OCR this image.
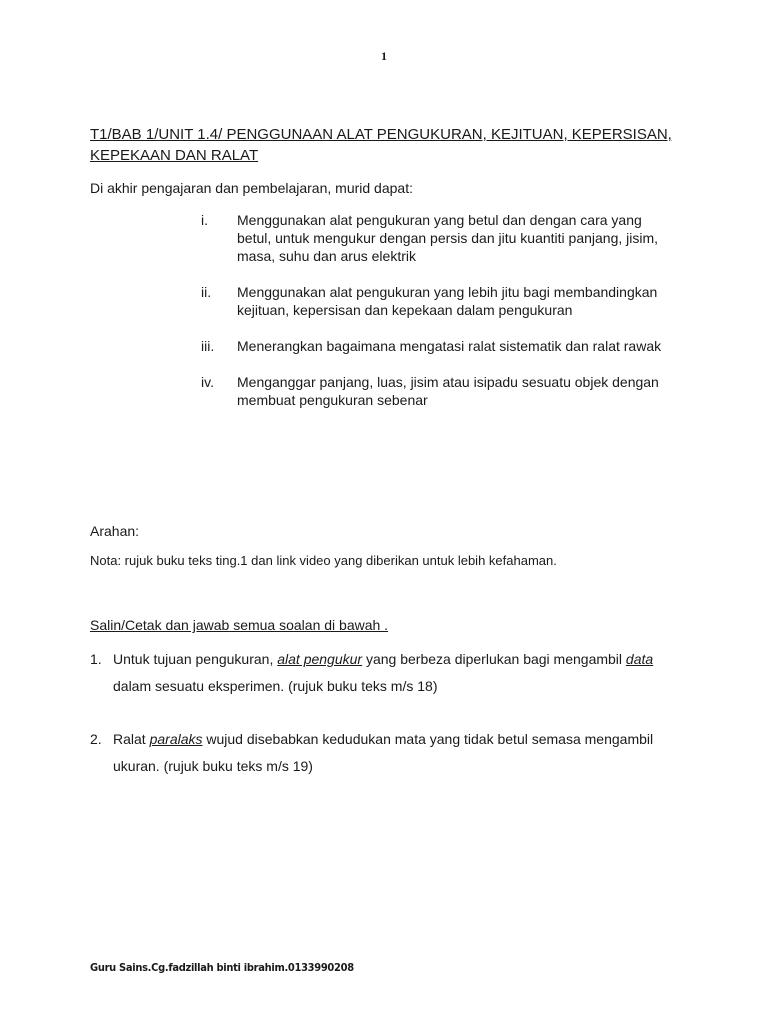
1
T1/BAB 1/UNIT 1.4/ PENGGUNAAN ALAT PENGUKURAN, KEJITUAN, KEPERSISAN, KEPEKAAN DAN RALAT
Di akhir pengajaran dan pembelajaran, murid dapat:
i.	Menggunakan alat pengukuran yang betul dan dengan cara yang betul, untuk mengukur dengan persis dan jitu kuantiti panjang, jisim, masa, suhu dan arus elektrik
ii.	Menggunakan alat pengukuran yang lebih jitu bagi membandingkan kejituan, kepersisan dan kepekaan dalam pengukuran
iii.	Menerangkan bagaimana mengatasi ralat sistematik dan ralat rawak
iv.	Menganggar panjang, luas, jisim atau isipadu sesuatu objek dengan membuat pengukuran sebenar
Arahan:
Nota: rujuk buku teks ting.1 dan link video yang diberikan untuk lebih kefahaman.
Salin/Cetak dan jawab semua soalan di bawah .
1. Untuk tujuan pengukuran, alat pengukur yang berbeza diperlukan bagi mengambil data dalam sesuatu eksperimen. (rujuk buku teks m/s 18)
2. Ralat paralaks wujud disebabkan kedudukan mata yang tidak betul semasa mengambil ukuran. (rujuk buku teks m/s 19)
Guru Sains.Cg.fadzillah binti ibrahim.0133990208
